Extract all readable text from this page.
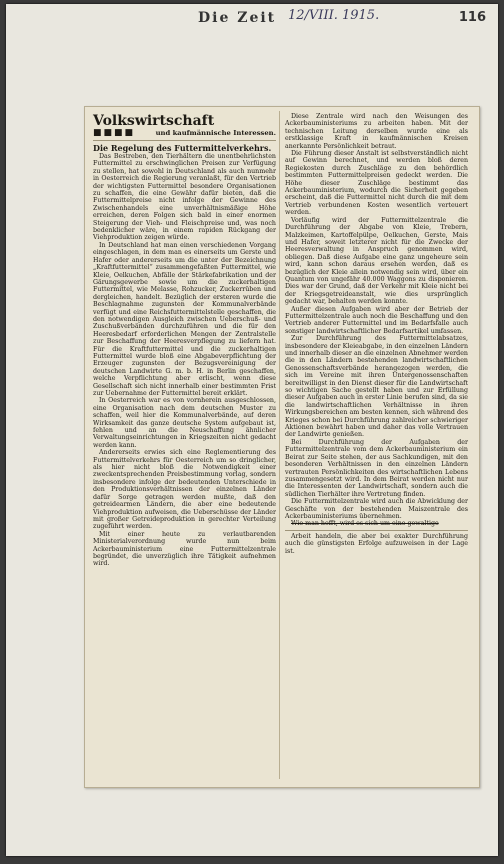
Die Zeit 12/VIII. 1915.	116

Volkswirtschaft

■■■■	und kaufmännische Interessen.

Die Regelung des Futtermittelverkehrs.

Das Bestreben, den Tierhältern die unentbehrlichsten Futtermittel zu erschwinglichen Preisen zur Verfügung zu stellen, hat sowohl in Deutschland als auch nunmehr in Oesterreich die Regierung veranlaßt, für den Vertrieb der wichtigsten Futtermittel besondere Organisationen zu schaffen, die eine Gewähr dafür bieten, daß die Futtermittelpreise nicht infolge der Gewinne des Zwischenhandels eine unverhältnismäßige Höhe erreichen, deren Folgen sich bald in einer enormen Steigerung der Vieh- und Fleischpreise und, was noch bedenklicher wäre, in einem rapiden Rückgang der Viehproduktion zeigen würde.

In Deutschland hat man einen verschiedenen Vorgang eingeschlagen, in dem man es einerseits um Gerste und Hafer oder andererseits um die unter der Bezeichnung „Kraftfuttermittel“ zusammengefaßten Futtermittel, wie Kleie, Oelkuchen, Abfälle der Stärkefabrikation und der Gärungsgewerbe sowie um die zuckerhaltigen Futtermittel, wie Melasse, Rohzucker, Zuckerrüben und dergleichen, handelt. Bezüglich der ersteren wurde die Beschlagnahme zugunsten der Kommunalverbände verfügt und eine Reichsfuttermittelstelle geschaffen, die den notwendigen Ausgleich zwischen Ueberschuß- und Zuschußverbänden durchzuführen und die für den Heeresbedarf erforderlichen Mengen der Zentralstelle zur Beschaffung der Heeresverpflegung zu liefern hat. Für die Kraftfuttermittel und die zuckerhaltigen Futtermittel wurde bloß eine Abgabeverpflichtung der Erzeuger zugunsten der Bezugsvereinigung der deutschen Landwirte G. m. b. H. in Berlin geschaffen, welche Verpflichtung aber erlischt, wenn diese Gesellschaft sich nicht innerhalb einer bestimmten Frist zur Uebernahme der Futtermittel bereit erklärt.

In Oesterreich war es von vornherein ausgeschlossen, eine Organisation nach dem deutschen Muster zu schaffen, weil hier die Kommunalverbände, auf deren Wirksamkeit das ganze deutsche System aufgebaut ist, fehlen und an die Neuschaffung ähnlicher Verwaltungseinrichtungen in Kriegszeiten nicht gedacht werden kann.

Andererseits erwies sich eine Reglementierung des Futtermittelverkehrs für Oesterreich um so dringlicher, als hier nicht bloß die Notwendigkeit einer zweckentsprechenden Preisbestimmung vorlag, sondern insbesondere infolge der bedeutenden Unterschiede in den Produktionsverhältnissen der einzelnen Länder dafür Sorge getragen werden mußte, daß den getreidearmen Ländern, die aber eine bedeutende Viehproduktion aufweisen, die Ueberschüsse der Länder mit großer Getreideproduktion in gerechter Verteilung zugeführt werden.

Mit einer heute zu verlautbarenden Ministerialverordnung wurde nun beim Ackerbauministerium eine Futtermittelzentrale begründet, die unverzüglich ihre Tätigkeit aufnehmen wird.

Diese Zentrale wird nach den Weisungen des Ackerbauministeriums zu arbeiten haben. Mit der technischen Leitung derselben wurde eine als erstklassige Kraft in kaufmännischen Kreisen anerkannte Persönlichkeit betraut.

Die Führung dieser Anstalt ist selbstverständlich nicht auf Gewinn berechnet, und werden bloß deren Regiekosten durch Zuschläge zu den behördlich bestimmten Futtermittelpreisen gedeckt werden. Die Höhe dieser Zuschläge bestimmt das Ackerbauministerium, wodurch die Sicherheit gegeben erscheint, daß die Futtermittel nicht durch die mit dem Vertrieb verbundenen Kosten wesentlich verteuert werden.

Vorläufig wird der Futtermittelzentrale die Durchführung der Abgabe von Kleie, Trebern, Malzkeimen, Kartoffelpülpe, Oelkuchen, Gerste, Mais und Hafer, soweit letzterer nicht für die Zwecke der Heeresverwaltung in Anspruch genommen wird, obliegen. Daß diese Aufgabe eine ganz ungeheure sein wird, kann schon daraus ersehen werden, daß es bezüglich der Kleie allein notwendig sein wird, über ein Quantum von ungefähr 40.000 Waggons zu disponieren. Dies war der Grund, daß der Verkehr mit Kleie nicht bei der Kriegsgetreideanstalt, wie dies ursprünglich gedacht war, behalten werden konnte.

Außer diesen Aufgaben wird aber der Betrieb der Futtermittelzentrale auch noch die Beschaffung und den Vertrieb anderer Futtermittel und im Bedarfsfalle auch sonstiger landwirtschaftlicher Bedarfsartikel umfassen.

Zur Durchführung des Futtermittelabsatzes, insbesondere der Kleieabgabe, in den einzelnen Ländern und innerhalb dieser an die einzelnen Abnehmer werden die in den Ländern bestehenden landwirtschaftlichen Genossenschaftsverbände herangezogen werden, die sich im Vereine mit ihren Untergenossenschaften bereitwilligst in den Dienst dieser für die Landwirtschaft so wichtigen Sache gestellt haben und zur Erfüllung dieser Aufgaben auch in erster Linie berufen sind, da sie die landwirtschaftlichen Verhältnisse in ihren Wirkungsbereichen am besten kennen, sich während des Krieges schon bei Durchführung zahlreicher schwieriger Aktionen bewährt haben und daher das volle Vertrauen der Landwirte genießen.

Bei Durchführung der Aufgaben der Futtermittelzentrale vom dem Ackerbauministerium ein Beirat zur Seite stehen, der aus Sachkundigen, mit den besonderen Verhältnissen in den einzelnen Ländern vertrauten Persönlichkeiten des wirtschaftlichen Lebens zusammengesetzt wird. In dem Beirat werden nicht nur die Interessenten der Landwirtschaft, sondern auch die südlichen Tierhälter ihre Vertretung finden.

Die Futtermittelzentrale wird auch die Abwicklung der Geschäfte von der bestehenden Maiszentrale des Ackerbauministeriums übernehmen.

Wie man hofft, wird es sich um eine gewaltige

Arbeit handeln, die aber bei exakter Durchführung auch die günstigsten Erfolge aufzuweisen in der Lage ist.
